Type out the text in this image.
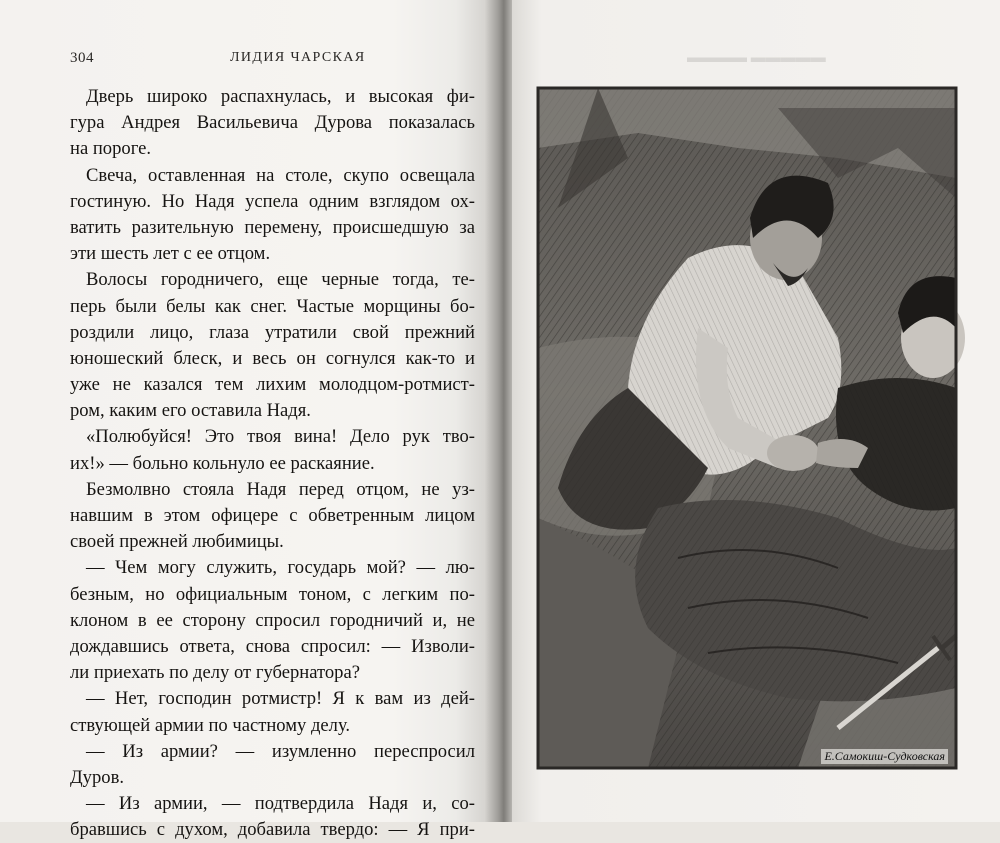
304	ЛИДИЯ ЧАРСКАЯ
Дверь широко распахнулась, и высокая фи-
гура Андрея Васильевича Дурова показалась
на пороге.
Свеча, оставленная на столе, скупо освещала
гостиную. Но Надя успела одним взглядом ох-
ватить разительную перемену, происшедшую за
эти шесть лет с ее отцом.
Волосы городничего, еще черные тогда, те-
перь были белы как снег. Частые морщины бо-
роздили лицо, глаза утратили свой прежний
юношеский блеск, и весь он согнулся как-то и
уже не казался тем лихим молодцом-ротмист-
ром, каким его оставила Надя.
«Полюбуйся! Это твоя вина! Дело рук тво-
их!» — больно кольнуло ее раскаяние.
Безмолвно стояла Надя перед отцом, не уз-
навшим в этом офицере с обветренным лицом
своей прежней любимицы.
— Чем могу служить, государь мой? — лю-
безным, но официальным тоном, с легким по-
клоном в ее сторону спросил городничий и, не
дождавшись ответа, снова спросил: — Изволи-
ли приехать по делу от губернатора?
— Нет, господин ротмистр! Я к вам из дей-
ствующей армии по частному делу.
— Из армии? — изумленно переспросил
Дуров.
— Из армии, — подтвердила Надя и, со-
бравшись с духом, добавила твердо: — Я при-
▬▬▬▬ ▬▬▬▬▬
Е.Самокиш-Судковская
